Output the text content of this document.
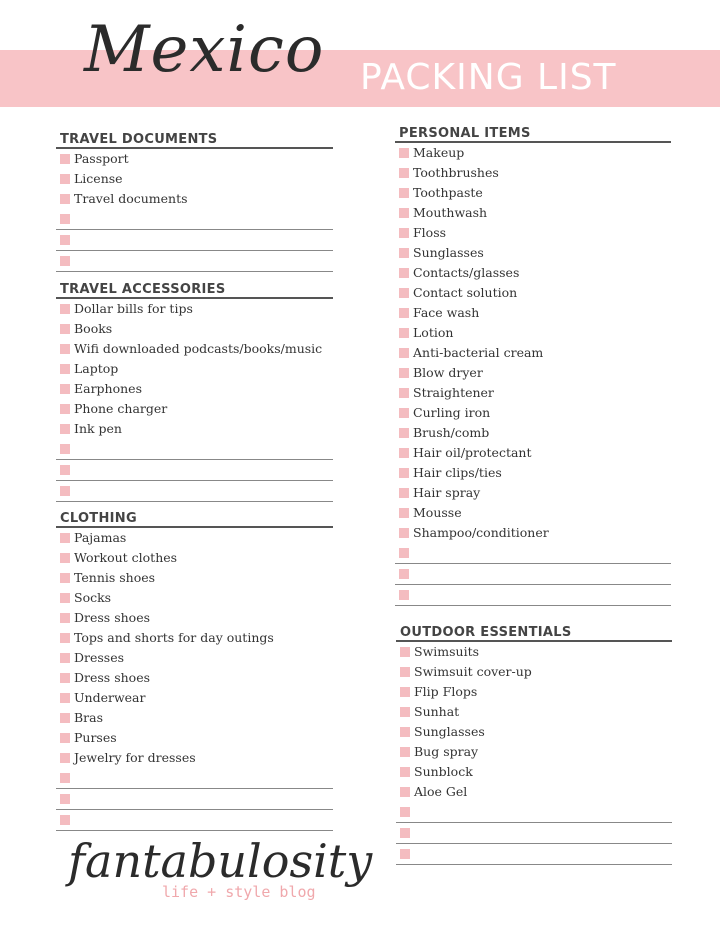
Mexico PACKING LIST
TRAVEL DOCUMENTS
Passport
License
Travel documents
TRAVEL ACCESSORIES
Dollar bills for tips
Books
Wifi downloaded podcasts/books/music
Laptop
Earphones
Phone charger
Ink pen
CLOTHING
Pajamas
Workout clothes
Tennis shoes
Socks
Dress shoes
Tops and shorts for day outings
Dresses
Dress shoes
Underwear
Bras
Purses
Jewelry for dresses
PERSONAL ITEMS
Makeup
Toothbrushes
Toothpaste
Mouthwash
Floss
Sunglasses
Contacts/glasses
Contact solution
Face wash
Lotion
Anti-bacterial cream
Blow dryer
Straightener
Curling iron
Brush/comb
Hair oil/protectant
Hair clips/ties
Hair spray
Mousse
Shampoo/conditioner
OUTDOOR ESSENTIALS
Swimsuits
Swimsuit cover-up
Flip Flops
Sunhat
Sunglasses
Bug spray
Sunblock
Aloe Gel
fantabulosity
life + style blog
